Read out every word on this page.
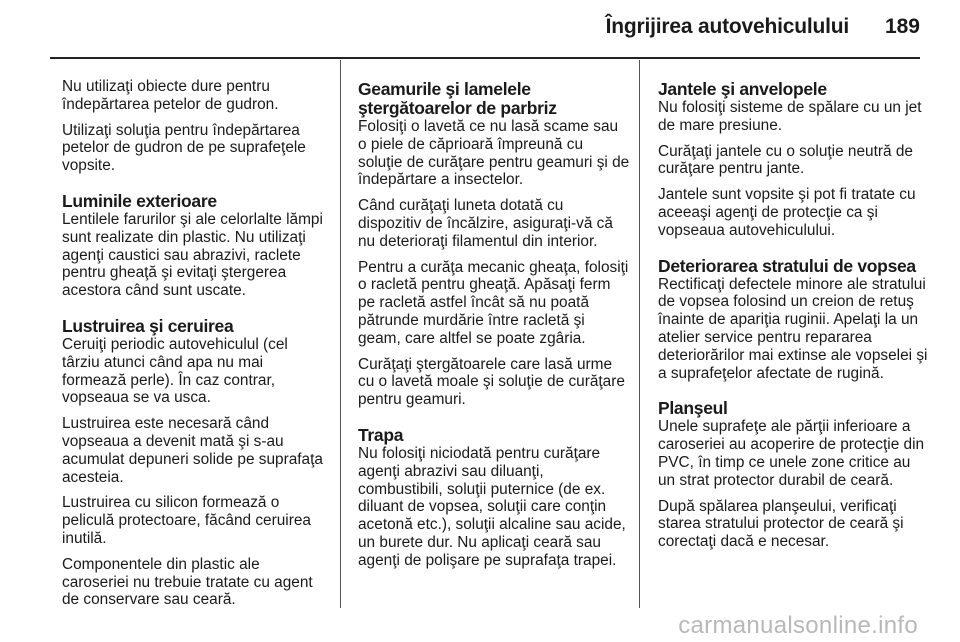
Îngrijirea autovehiculului 189

Nu utilizaţi obiecte dure pentru îndepărtarea petelor de gudron.

Utilizaţi soluţia pentru îndepărtarea petelor de gudron de pe suprafeţele vopsite.

Luminile exterioare

Lentilele farurilor şi ale celorlalte lămpi sunt realizate din plastic. Nu utilizaţi agenţi caustici sau abrazivi, raclete pentru gheaţă şi evitaţi ştergerea acestora când sunt uscate.

Lustruirea şi ceruirea

Ceruiţi periodic autovehiculul (cel târziu atunci când apa nu mai formează perle). În caz contrar, vopseaua se va usca.

Lustruirea este necesară când vopseaua a devenit mată şi s-au acumulat depuneri solide pe suprafaţa acesteia.

Lustruirea cu silicon formează o peliculă protectoare, făcând ceruirea inutilă.

Componentele din plastic ale caroseriei nu trebuie tratate cu agent de conservare sau ceară.

Geamurile şi lamelele ştergătoarelor de parbriz

Folosiţi o lavetă ce nu lasă scame sau o piele de căprioară împreună cu soluţie de curăţare pentru geamuri şi de îndepărtare a insectelor.

Când curăţaţi luneta dotată cu dispozitiv de încălzire, asiguraţi-vă că nu deterioraţi filamentul din interior.

Pentru a curăţa mecanic gheaţa, folosiţi o racletă pentru gheaţă. Apăsaţi ferm pe racletă astfel încât să nu poată pătrunde murdărie între racletă şi geam, care altfel se poate zgâria.

Curăţaţi ştergătoarele care lasă urme cu o lavetă moale şi soluţie de curăţare pentru geamuri.

Trapa

Nu folosiţi niciodată pentru curăţare agenţi abrazivi sau diluanţi, combustibili, soluţii puternice (de ex. diluant de vopsea, soluţii care conţin acetonă etc.), soluţii alcaline sau acide, un burete dur. Nu aplicaţi ceară sau agenţi de polişare pe suprafaţa trapei.

Jantele şi anvelopele

Nu folosiţi sisteme de spălare cu un jet de mare presiune.

Curăţaţi jantele cu o soluţie neutră de curăţare pentru jante.

Jantele sunt vopsite şi pot fi tratate cu aceeaşi agenţi de protecţie ca şi vopseaua autovehiculului.

Deteriorarea stratului de vopsea

Rectificaţi defectele minore ale stratului de vopsea folosind un creion de retuş înainte de apariţia ruginii. Apelaţi la un atelier service pentru repararea deteriorărilor mai extinse ale vopselei şi a suprafeţelor afectate de rugină.

Planşeul

Unele suprafeţe ale părţii inferioare a caroseriei au acoperire de protecţie din PVC, în timp ce unele zone critice au un strat protector durabil de ceară.

După spălarea planşeului, verificaţi starea stratului protector de ceară şi corectaţi dacă e necesar.

carmanualsonline.info
